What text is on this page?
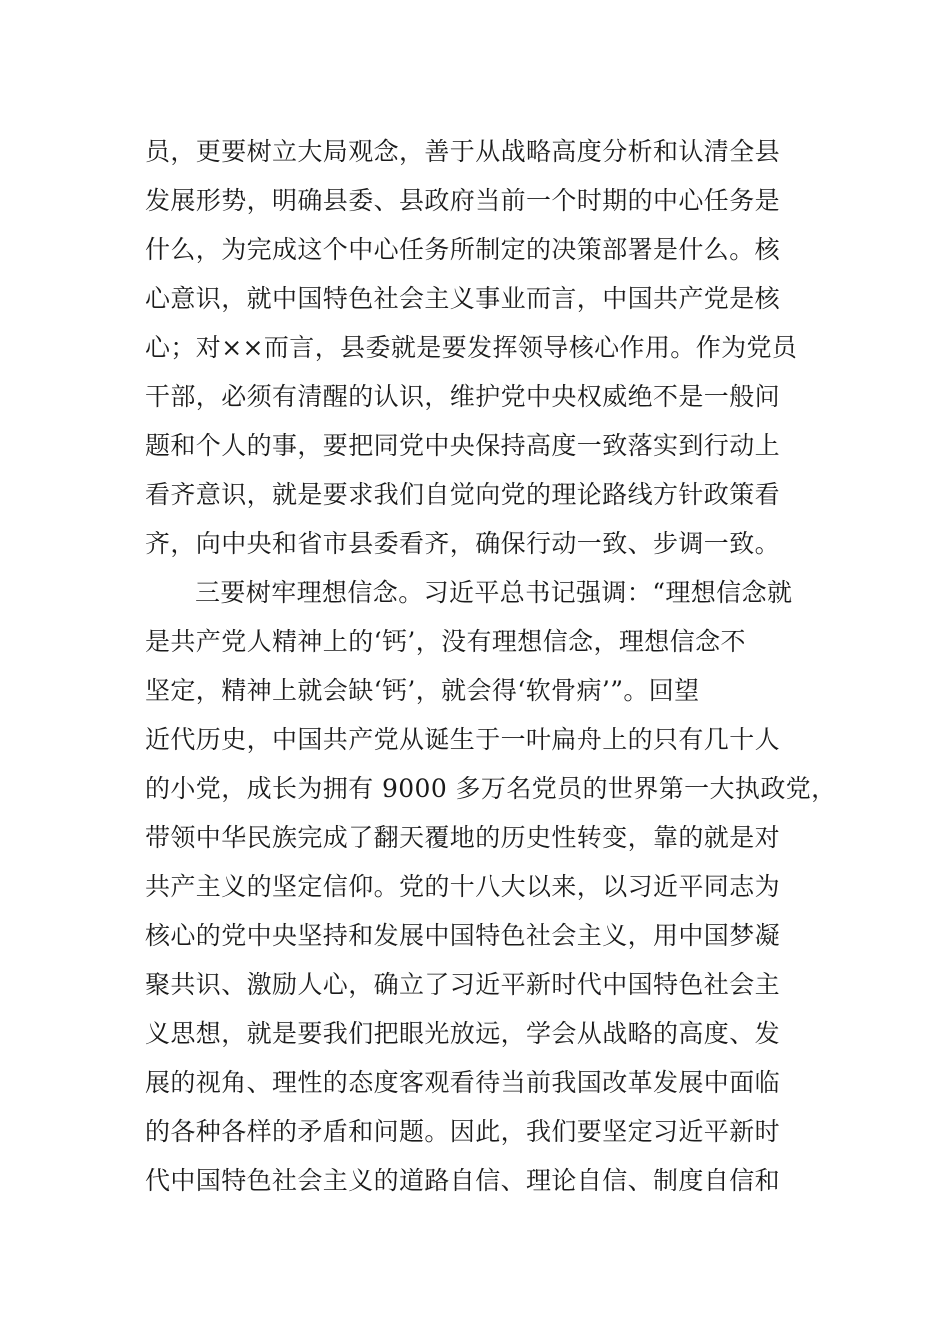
员，更要树立大局观念，善于从战略高度分析和认清全县
发展形势，明确县委、县政府当前一个时期的中心任务是
什么，为完成这个中心任务所制定的决策部署是什么。核
心意识，就中国特色社会主义事业而言，中国共产党是核
心；对××而言，县委就是要发挥领导核心作用。作为党员
干部，必须有清醒的认识，维护党中央权威绝不是一般问
题和个人的事，要把同党中央保持高度一致落实到行动上
看齐意识，就是要求我们自觉向党的理论路线方针政策看
齐，向中央和省市县委看齐，确保行动一致、步调一致。
三要树牢理想信念。习近平总书记强调：“理想信念就
是共产党人精神上的‘钙’，没有理想信念，理想信念不
坚定，精神上就会缺‘钙’，就会得‘软骨病’”。回望
近代历史，中国共产党从诞生于一叶扁舟上的只有几十人
的小党，成长为拥有 9000 多万名党员的世界第一大执政党，
带领中华民族完成了翻天覆地的历史性转变，靠的就是对
共产主义的坚定信仰。党的十八大以来，以习近平同志为
核心的党中央坚持和发展中国特色社会主义，用中国梦凝
聚共识、激励人心，确立了习近平新时代中国特色社会主
义思想，就是要我们把眼光放远，学会从战略的高度、发
展的视角、理性的态度客观看待当前我国改革发展中面临
的各种各样的矛盾和问题。因此，我们要坚定习近平新时
代中国特色社会主义的道路自信、理论自信、制度自信和
